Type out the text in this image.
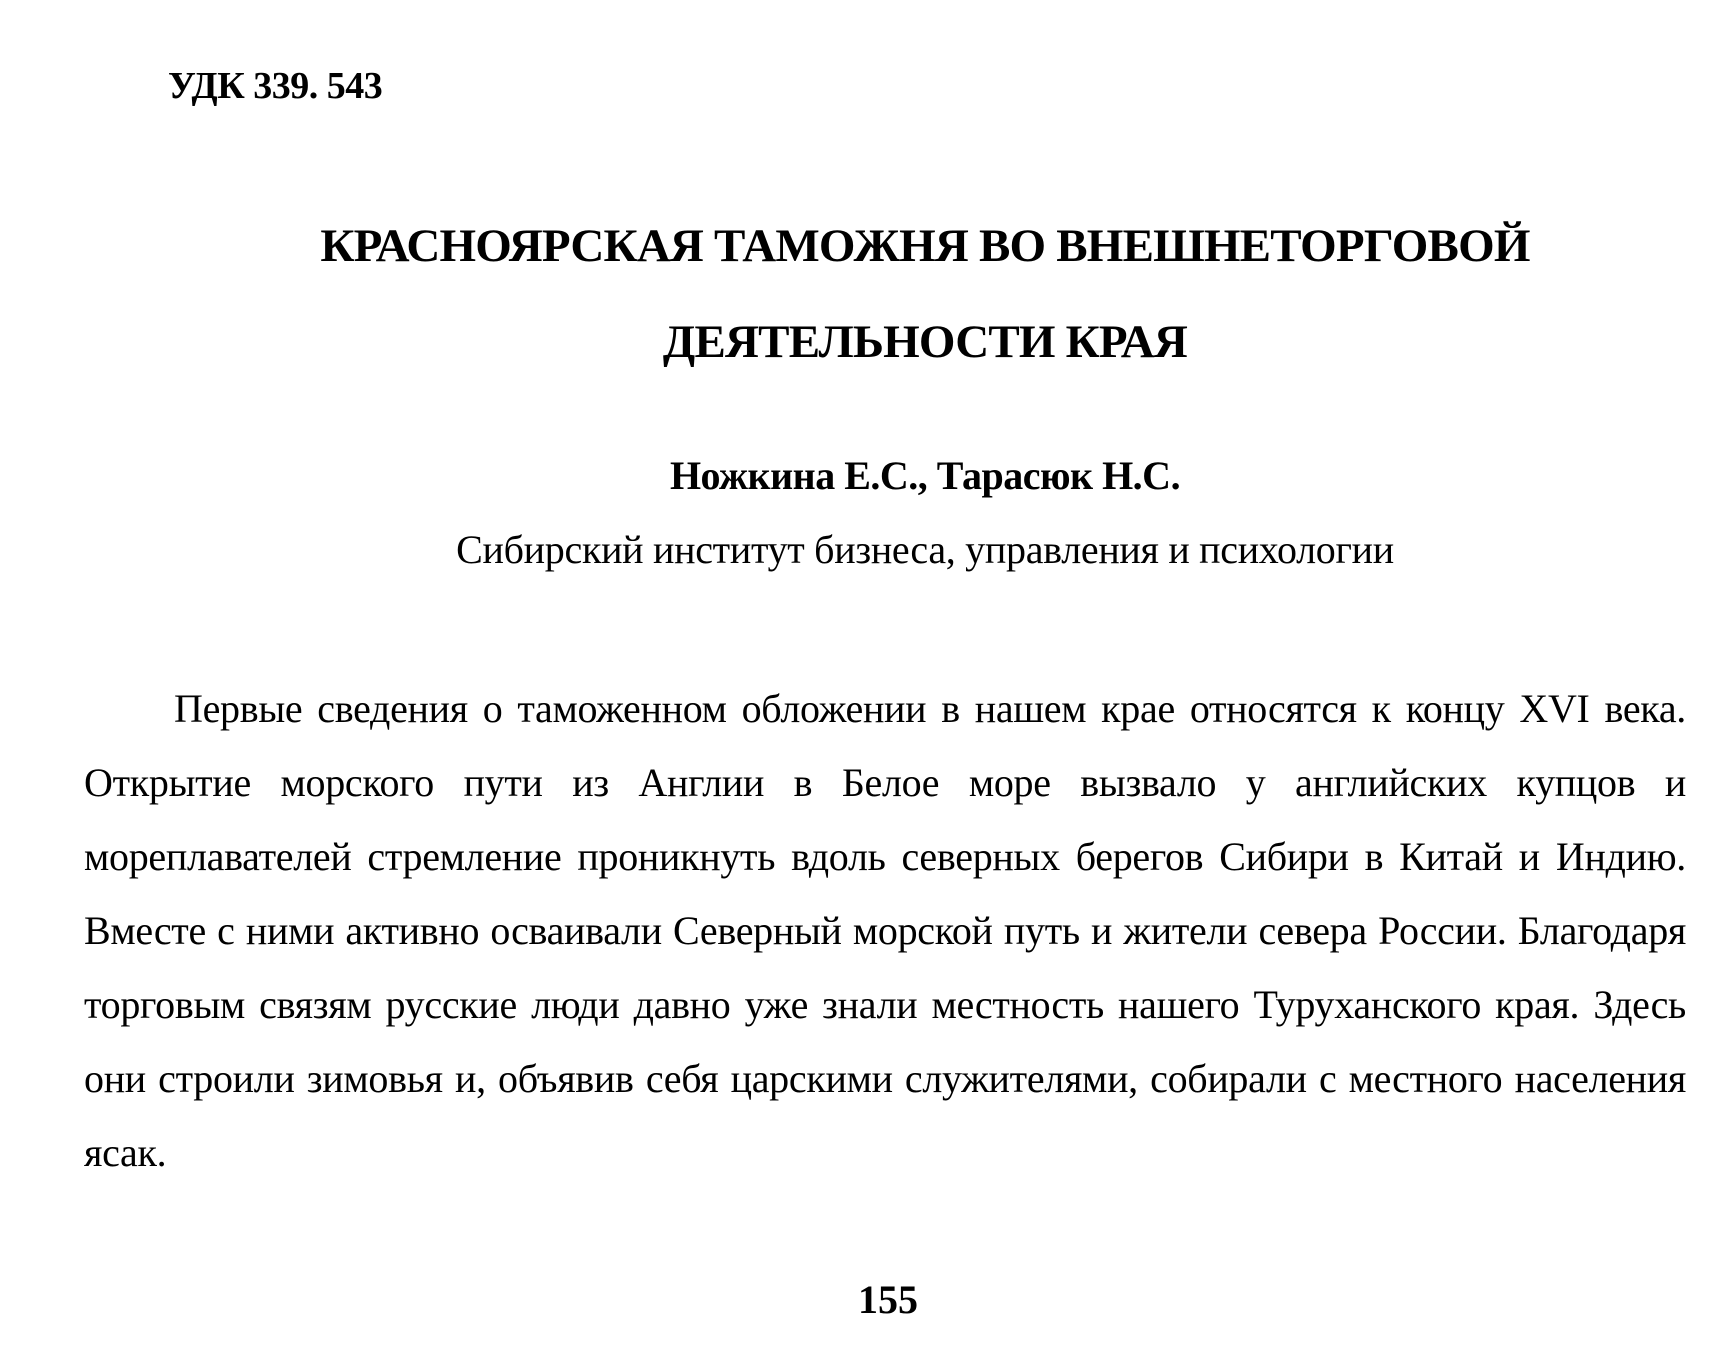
УДК 339. 543
КРАСНОЯРСКАЯ ТАМОЖНЯ ВО ВНЕШНЕТОРГОВОЙ
ДЕЯТЕЛЬНОСТИ КРАЯ
Ножкина Е.С., Тарасюк Н.С.
Сибирский институт бизнеса, управления и психологии
Первые сведения о таможенном обложении в нашем крае относятся к концу XVI века. Открытие морского пути из Англии в Белое море вызвало у английских купцов и мореплавателей стремление проникнуть вдоль северных берегов Сибири в Китай и Индию. Вместе с ними активно осваивали Северный морской путь и жители севера России. Благодаря торговым связям русские люди давно уже знали местность нашего Туруханского края. Здесь они строили зимовья и, объявив себя царскими служителями, собирали с местного населения ясак.
155
